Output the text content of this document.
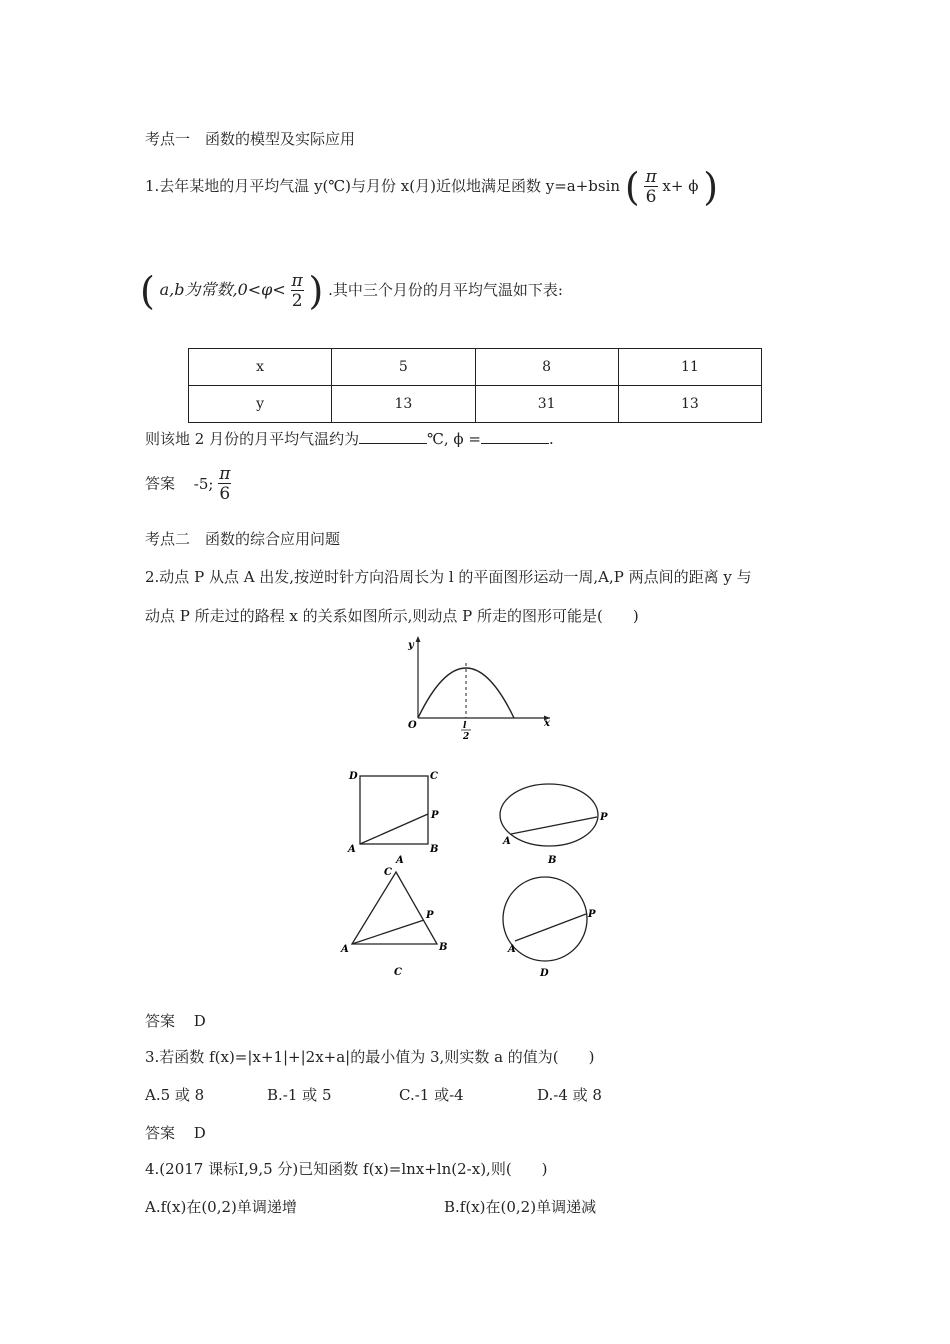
考点一　函数的模型及实际应用
1.去年某地的月平均气温 y(℃)与月份 x(月)近似地满足函数 y=a+bsin ( $\frac{\pi}{6} x+ \phi$ )
( a,b为常数$,0<\varphi< \frac{\pi}{2}$ ) .其中三个月份的月平均气温如下表:
x	5	8	11
y	13	31	13
则该地 2 月份的月平均气温约为	℃, ϕ =	.
答案 -5; $\frac{\pi}{6}$
考点二　函数的综合应用问题
2.动点 P 从点 A 出发,按逆时针方向沿周长为 l 的平面图形运动一周,A,P 两点间的距离 y 与
动点 P 所走过的路程 x 的关系如图所示,则动点 P 所走的图形可能是(　　)
y
x
O	l
2
D	C
A	B
P
A
A
P
B
C
A	B
P
C
A
P
D
答案 D
3.若函数 f(x)=|x+1|+|2x+a|的最小值为 3,则实数 a 的值为(　　)
A.5 或 8	B.-1 或 5	C.-1 或-4	D.-4 或 8
答案 D
4.(2017 课标Ⅰ,9,5 分)已知函数 f(x)=lnx+ln(2-x),则(　　)
A.f(x)在(0,2)单调递增	B.f(x)在(0,2)单调递减
